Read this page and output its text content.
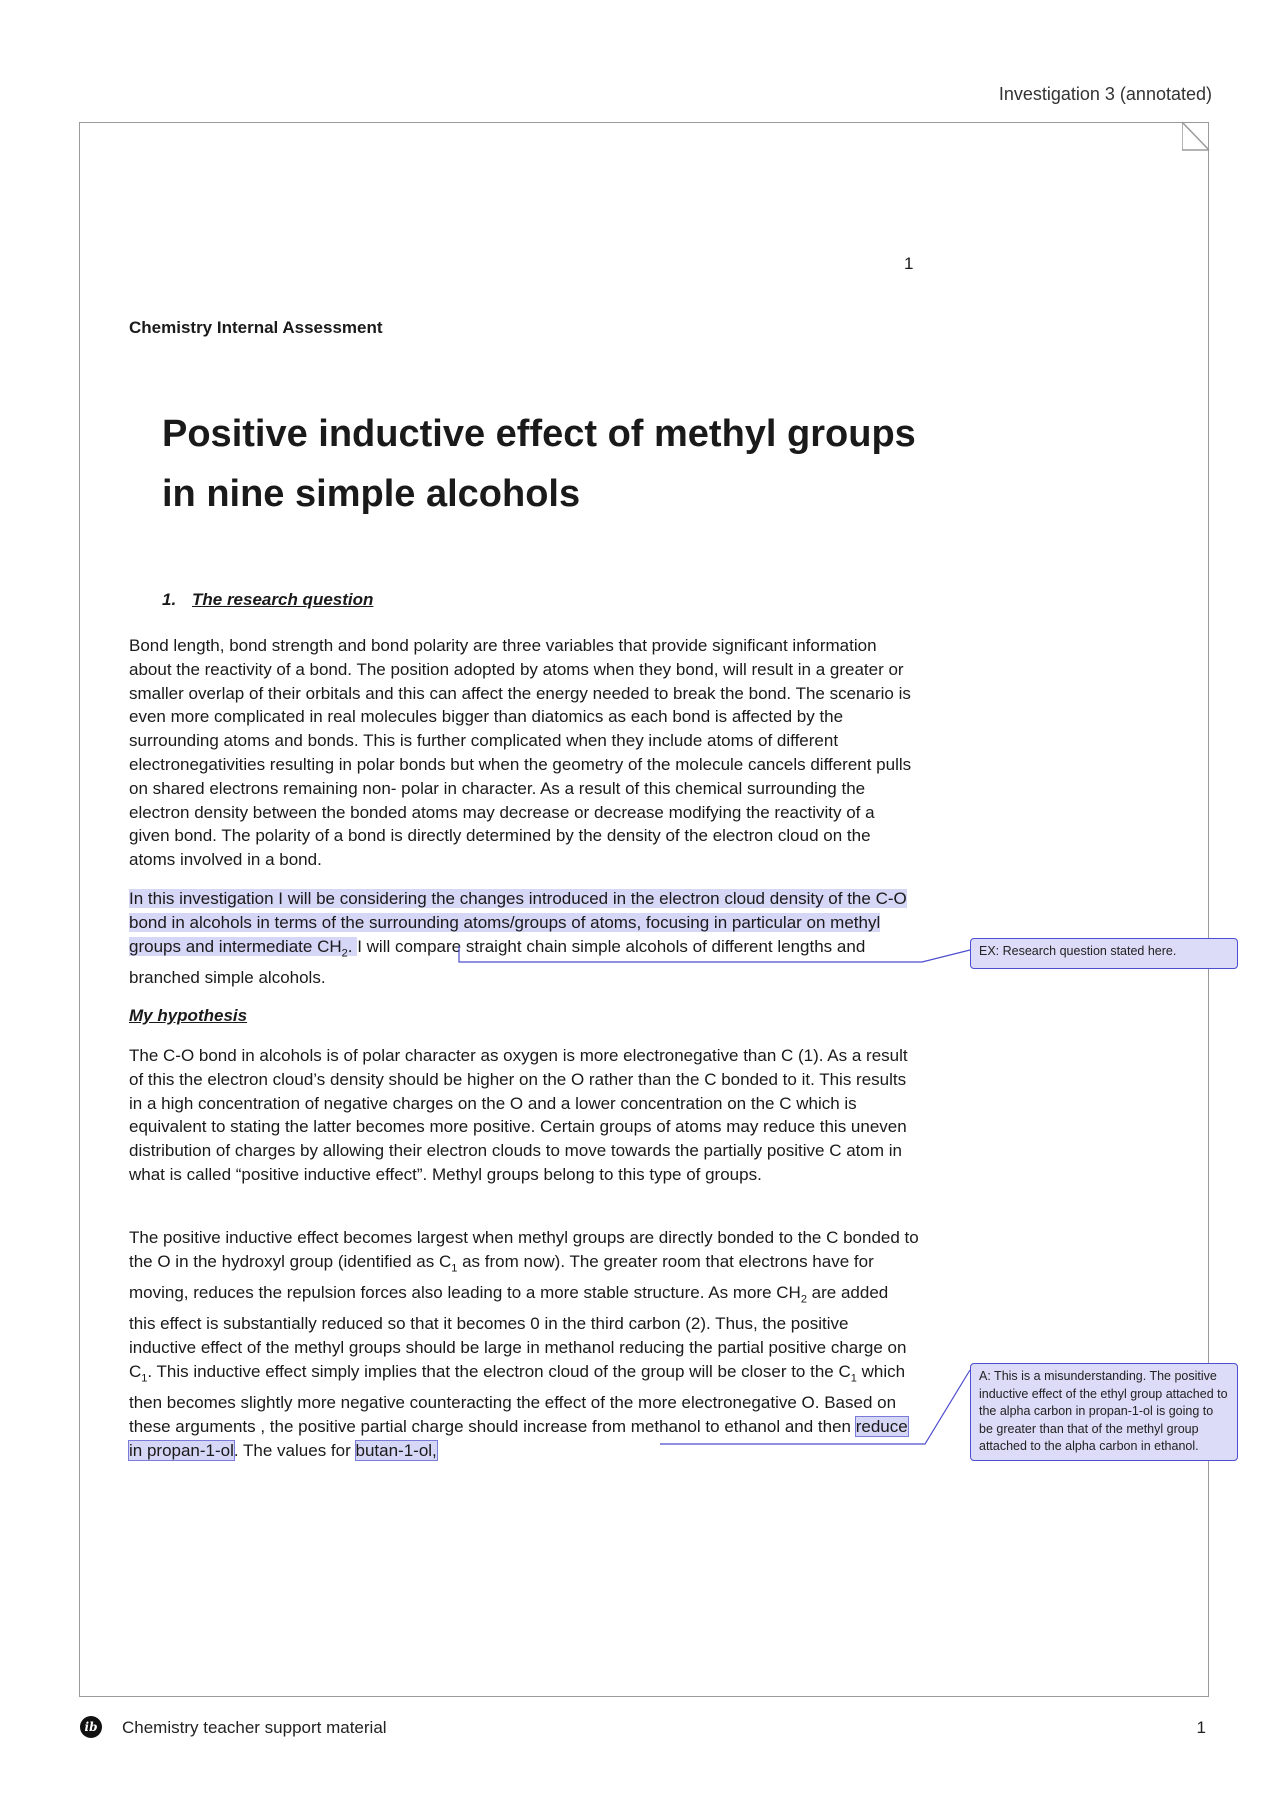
Investigation 3 (annotated)
1
Chemistry Internal Assessment
Positive inductive effect of methyl groups
in nine simple alcohols
1. The research question

Bond length, bond strength and bond polarity are three variables that provide significant information about the reactivity of a bond. The position adopted by atoms when they bond, will result in a greater or smaller overlap of their orbitals and this can affect the energy needed to break the bond. The scenario is even more complicated in real molecules bigger than diatomics as each bond is affected by the surrounding atoms and bonds. This is further complicated when they include atoms of different electronegativities resulting in polar bonds but when the geometry of the molecule cancels different pulls on shared electrons remaining non- polar in character. As a result of this chemical surrounding the electron density between the bonded atoms may decrease or decrease modifying the reactivity of a given bond. The polarity of a bond is directly determined by the density of the electron cloud on the atoms involved in a bond.

In this investigation I will be considering the changes introduced in the electron cloud density of the C-O bond in alcohols in terms of the surrounding atoms/groups of atoms, focusing in particular on methyl groups and intermediate $CH_2$. I will compare straight chain simple alcohols of different lengths and branched simple alcohols.

My hypothesis

The C-O bond in alcohols is of polar character as oxygen is more electronegative than C (1). As a result of this the electron cloud’s density should be higher on the O rather than the C bonded to it. This results in a high concentration of negative charges on the O and a lower concentration on the C which is equivalent to stating the latter becomes more positive. Certain groups of atoms may reduce this uneven distribution of charges by allowing their electron clouds to move towards the partially positive C atom in what is called “positive inductive effect”. Methyl groups belong to this type of groups.

The positive inductive effect becomes largest when methyl groups are directly bonded to the C bonded to the O in the hydroxyl group (identified as $C_1$ as from now). The greater room that electrons have for moving, reduces the repulsion forces also leading to a more stable structure. As more $CH_2$ are added this effect is substantially reduced so that it becomes 0 in the third carbon (2). Thus, the positive inductive effect of the methyl groups should be large in methanol reducing the partial positive charge on $C_1$. This inductive effect simply implies that the electron cloud of the group will be closer to the $C_1$ which then becomes slightly more negative counteracting the effect of the more electronegative O. Based on these arguments , the positive partial charge should increase from methanol to ethanol and then reduce in propan-1-ol. The values for butan-1-ol,

EX: Research question stated here.
A: This is a misunderstanding. The positive inductive effect of the ethyl group attached to the alpha carbon in propan-1-ol is going to be greater than that of the methyl group attached to the alpha carbon in ethanol.
ib Chemistry teacher support material	1
